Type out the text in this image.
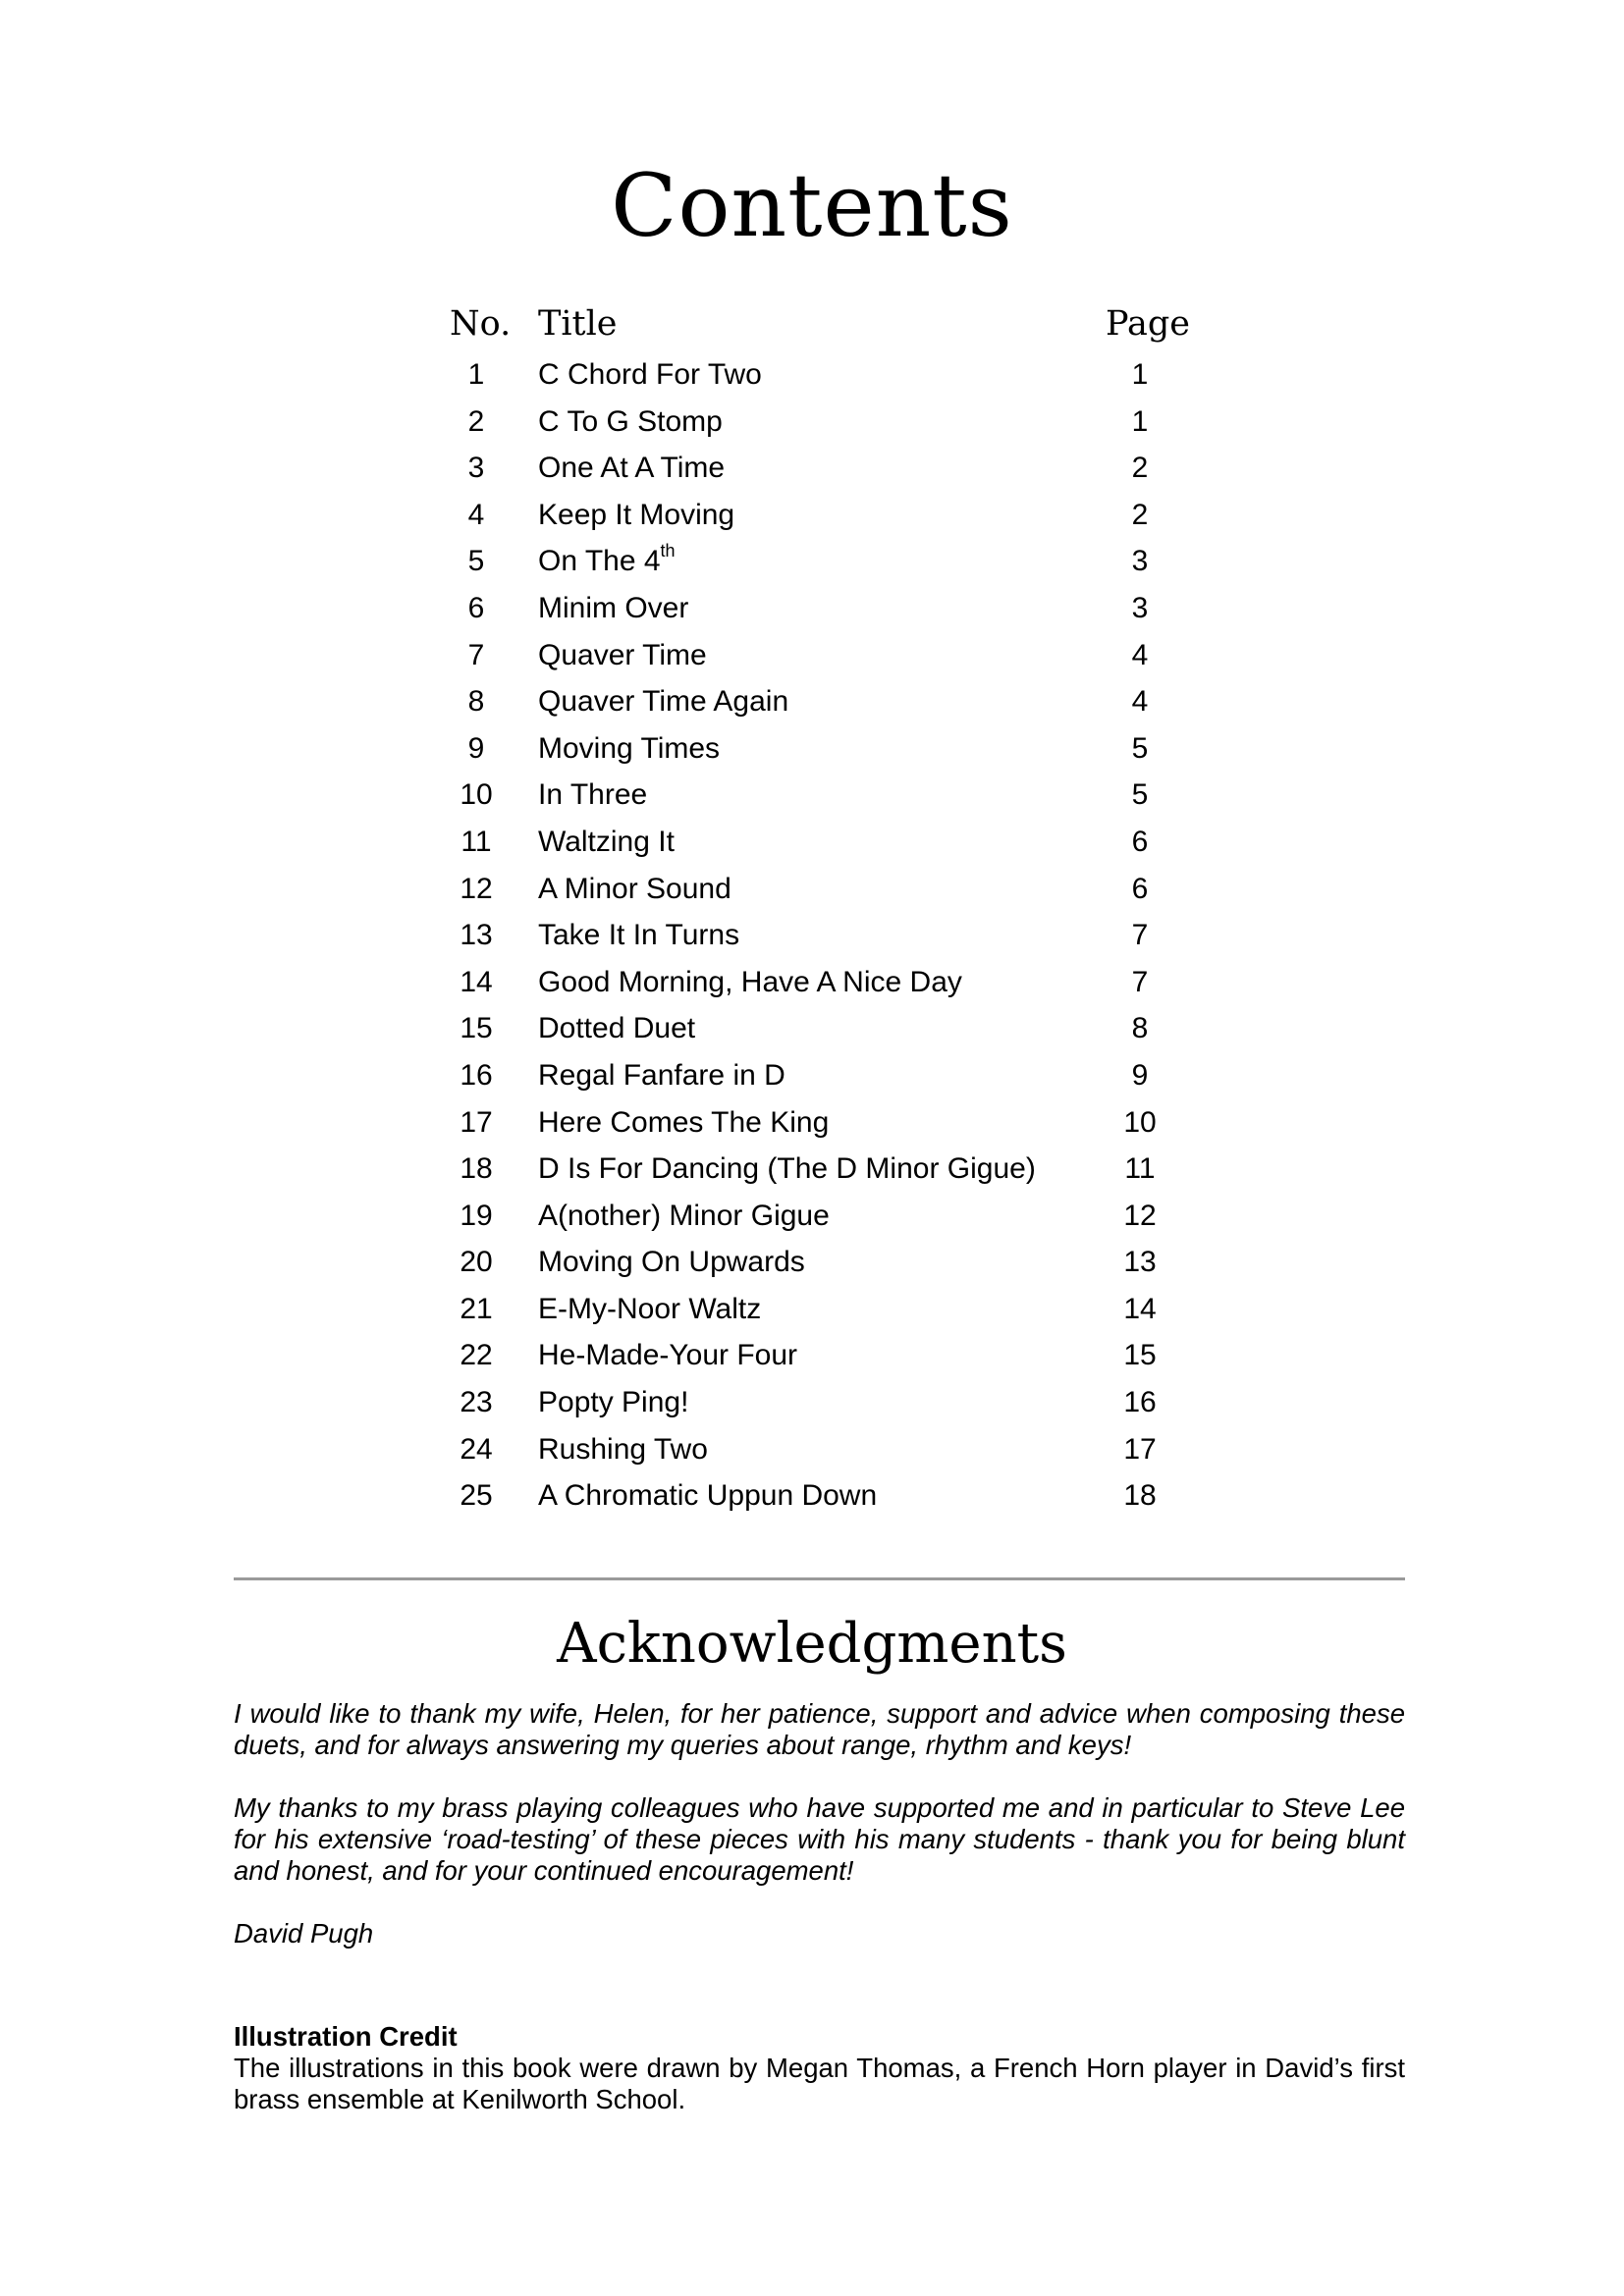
Contents
No. Title	Page
1	C Chord For Two	1
2	C To G Stomp	1
3	One At A Time	2
4	Keep It Moving	2
5	On The 4th	3
6	Minim Over	3
7	Quaver Time	4
8	Quaver Time Again	4
9	Moving Times	5
10	In Three	5
11	Waltzing It	6
12	A Minor Sound	6
13	Take It In Turns	7
14	Good Morning, Have A Nice Day	7
15	Dotted Duet	8
16	Regal Fanfare in D	9
17	Here Comes The King	10
18	D Is For Dancing (The D Minor Gigue)	11
19	A(nother) Minor Gigue	12
20	Moving On Upwards	13
21	E-My-Noor Waltz	14
22	He-Made-Your Four	15
23	Popty Ping!	16
24	Rushing Two	17
25	A Chromatic Uppun Down	18
Acknowledgments

I would like to thank my wife, Helen, for her patience, support and advice when composing these duets, and for always answering my queries about range, rhythm and keys!

My thanks to my brass playing colleagues who have supported me and in particular to Steve Lee for his extensive ‘road-testing’ of these pieces with his many students - thank you for being blunt and honest, and for your continued encouragement!

David Pugh

Illustration Credit

The illustrations in this book were drawn by Megan Thomas, a French Horn player in David’s first brass ensemble at Kenilworth School.
